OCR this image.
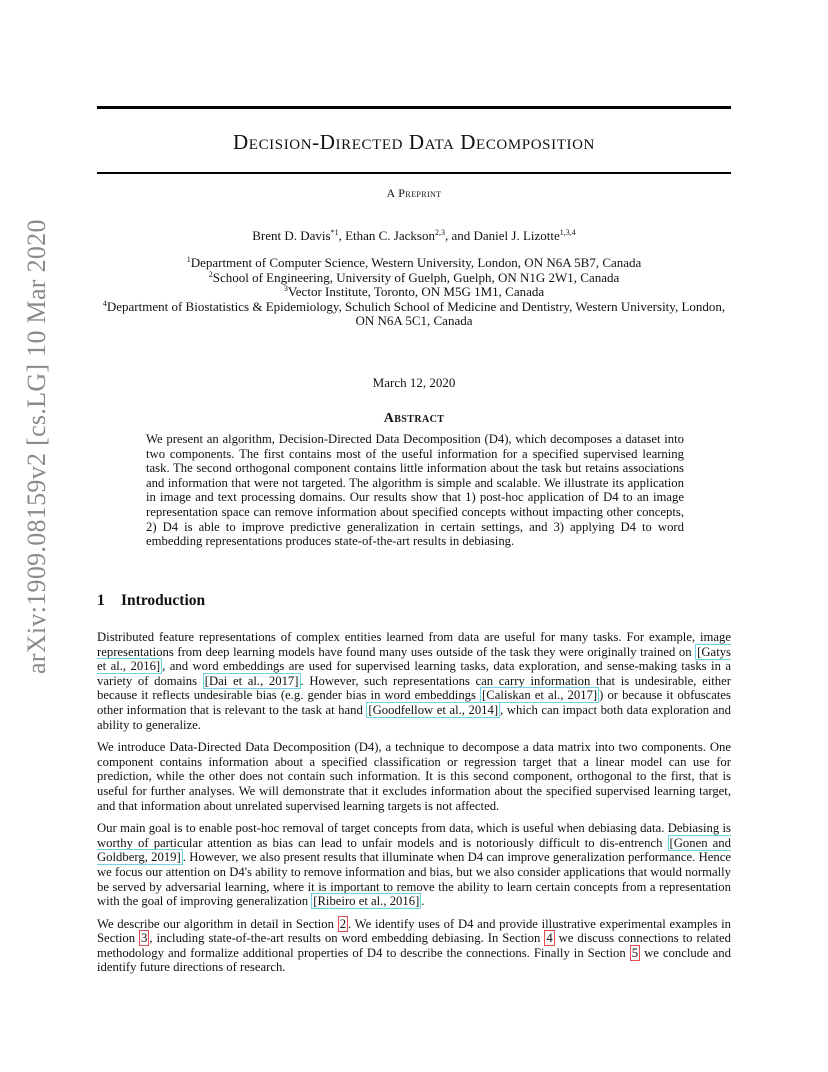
arXiv:1909.08159v2 [cs.LG] 10 Mar 2020
Decision-Directed Data Decomposition
A Preprint
Brent D. Davis$^{*1}$, Ethan C. Jackson$^{2,3}$, and Daniel J. Lizotte$^{1,3,4}$
$^1$Department of Computer Science, Western University, London, ON N6A 5B7, Canada
$^2$School of Engineering, University of Guelph, Guelph, ON N1G 2W1, Canada
$^3$Vector Institute, Toronto, ON M5G 1M1, Canada
$^4$Department of Biostatistics & Epidemiology, Schulich School of Medicine and Dentistry, Western University, London,
ON N6A 5C1, Canada
March 12, 2020
Abstract
We present an algorithm, Decision-Directed Data Decomposition (D4), which decomposes a dataset into two components. The first contains most of the useful information for a specified supervised learning task. The second orthogonal component contains little information about the task but retains associations and information that were not targeted. The algorithm is simple and scalable. We illustrate its application in image and text processing domains. Our results show that 1) post-hoc application of D4 to an image representation space can remove information about specified concepts without impacting other concepts, 2) D4 is able to improve predictive generalization in certain settings, and 3) applying D4 to word embedding representations produces state-of-the-art results in debiasing.
1 Introduction

Distributed feature representations of complex entities learned from data are useful for many tasks. For example, image representations from deep learning models have found many uses outside of the task they were originally trained on [Gatys et al., 2016] , and word embeddings are used for supervised learning tasks, data exploration, and sense-making tasks in a variety of domains [Dai et al., 2017] . However, such representations can carry information that is undesirable, either because it reflects undesirable bias (e.g. gender bias in word embeddings [Caliskan et al., 2017] ) or because it obfuscates other information that is relevant to the task at hand [Goodfellow et al., 2014] , which can impact both data exploration and ability to generalize.

We introduce Data-Directed Data Decomposition (D4), a technique to decompose a data matrix into two components. One component contains information about a specified classification or regression target that a linear model can use for prediction, while the other does not contain such information. It is this second component, orthogonal to the first, that is useful for further analyses. We will demonstrate that it excludes information about the specified supervised learning target, and that information about unrelated supervised learning targets is not affected.

Our main goal is to enable post-hoc removal of target concepts from data, which is useful when debiasing data. Debiasing is worthy of particular attention as bias can lead to unfair models and is notoriously difficult to dis-entrench [Gonen and Goldberg, 2019] . However, we also present results that illuminate when D4 can improve generalization performance. Hence we focus our attention on D4's ability to remove information and bias, but we also consider applications that would normally be served by adversarial learning, where it is important to remove the ability to learn certain concepts from a representation with the goal of improving generalization [Ribeiro et al., 2016] .

We describe our algorithm in detail in Section 2 . We identify uses of D4 and provide illustrative experimental examples in Section 3 , including state-of-the-art results on word embedding debiasing. In Section 4 we discuss connections to related methodology and formalize additional properties of D4 to describe the connections. Finally in Section 5 we conclude and identify future directions of research.
